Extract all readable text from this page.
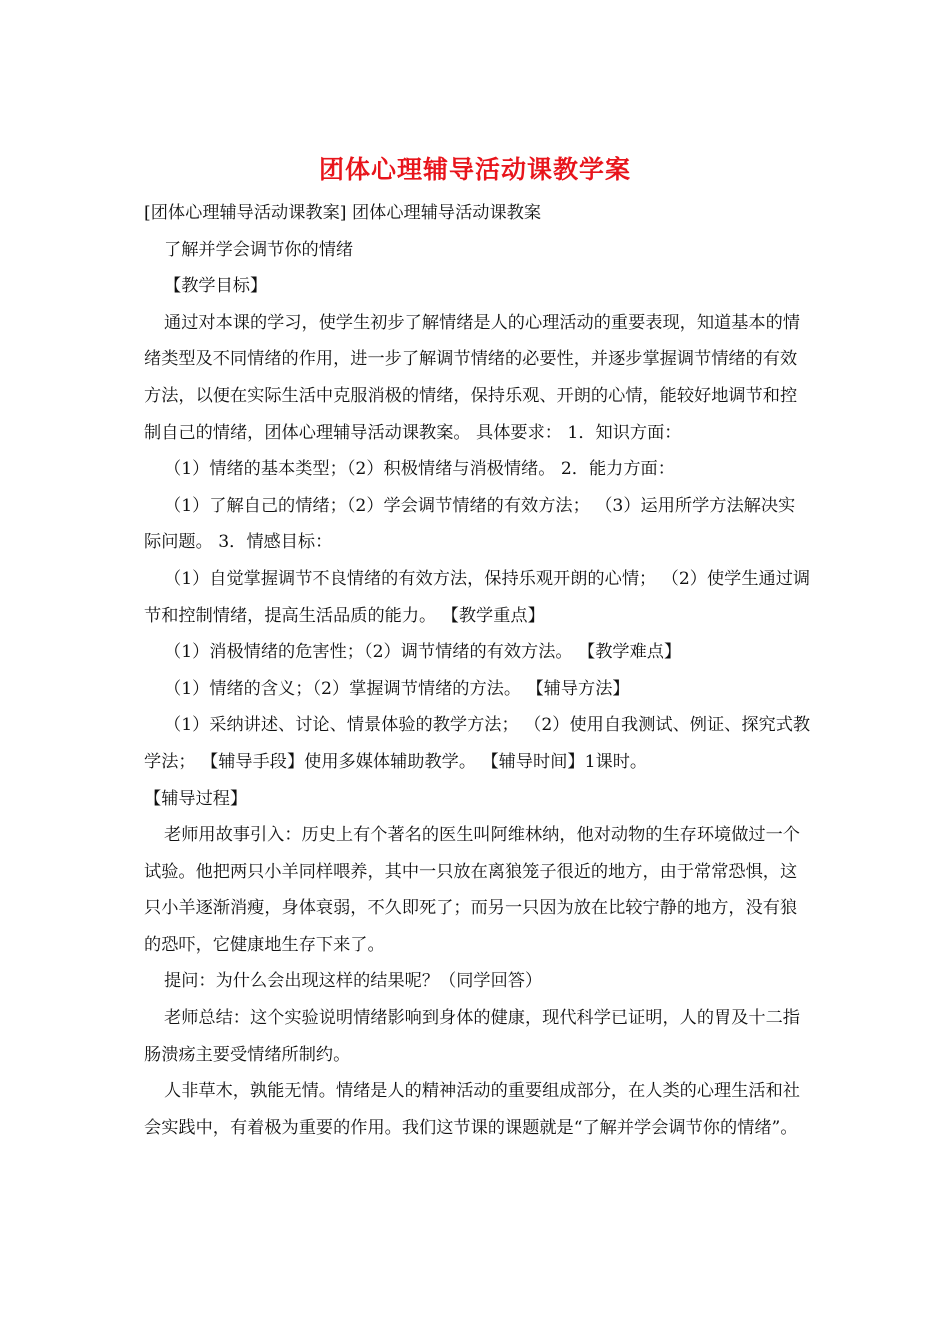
团体心理辅导活动课教学案

[团体心理辅导活动课教案] 团体心理辅导活动课教案

了解并学会调节你的情绪

【教学目标】

通过对本课的学习，使学生初步了解情绪是人的心理活动的重要表现，知道基本的情绪类型及不同情绪的作用，进一步了解调节情绪的必要性，并逐步掌握调节情绪的有效方法，以便在实际生活中克服消极的情绪，保持乐观、开朗的心情，能较好地调节和控制自己的情绪，团体心理辅导活动课教案。 具体要求： 1．知识方面：

（1）情绪的基本类型；（2）积极情绪与消极情绪。 2．能力方面：

（1）了解自己的情绪；（2）学会调节情绪的有效方法； （3）运用所学方法解决实际问题。 3．情感目标：

（1）自觉掌握调节不良情绪的有效方法，保持乐观开朗的心情； （2）使学生通过调节和控制情绪，提高生活品质的能力。 【教学重点】

（1）消极情绪的危害性；（2）调节情绪的有效方法。 【教学难点】

（1）情绪的含义；（2）掌握调节情绪的方法。 【辅导方法】

（1）采纳讲述、讨论、情景体验的教学方法； （2）使用自我测试、例证、探究式教学法； 【辅导手段】使用多媒体辅助教学。 【辅导时间】1课时。

【辅导过程】

老师用故事引入：历史上有个著名的医生叫阿维林纳，他对动物的生存环境做过一个试验。他把两只小羊同样喂养，其中一只放在离狼笼子很近的地方，由于常常恐惧，这只小羊逐渐消瘦，身体衰弱，不久即死了；而另一只因为放在比较宁静的地方，没有狼的恐吓，它健康地生存下来了。

提问：为什么会出现这样的结果呢？（同学回答）

老师总结：这个实验说明情绪影响到身体的健康，现代科学已证明，人的胃及十二指肠溃疡主要受情绪所制约。

人非草木，孰能无情。情绪是人的精神活动的重要组成部分，在人类的心理生活和社会实践中，有着极为重要的作用。我们这节课的课题就是“了解并学会调节你的情绪”。
